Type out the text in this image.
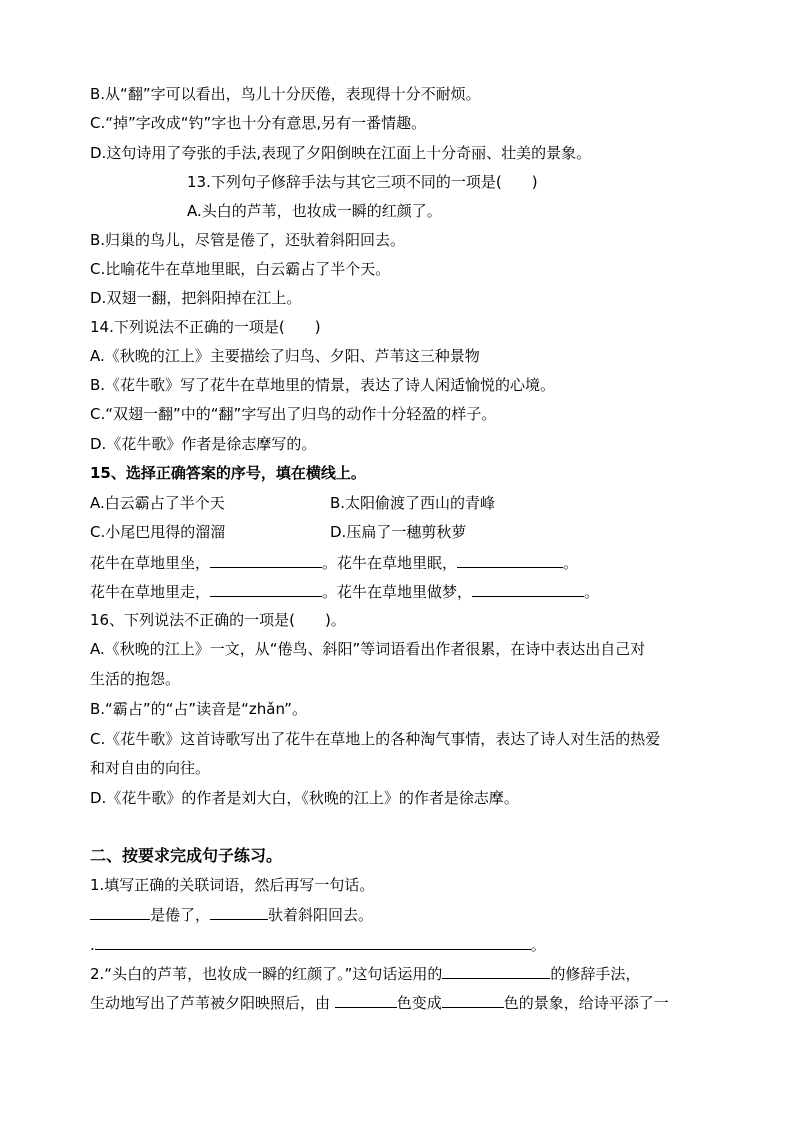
B.从“翻”字可以看出，鸟儿十分厌倦，表现得十分不耐烦。
C.“掉”字改成“钓”字也十分有意思,另有一番情趣。
D.这句诗用了夸张的手法,表现了夕阳倒映在江面上十分奇丽、壮美的景象。
13.下列句子修辞手法与其它三项不同的一项是(　　)
A.头白的芦苇，也妆成一瞬的红颜了。
B.归巢的鸟儿，尽管是倦了，还驮着斜阳回去。
C.比喻花牛在草地里眠，白云霸占了半个天。
D.双翅一翻，把斜阳掉在江上。
14.下列说法不正确的一项是(　　)
A.《秋晚的江上》主要描绘了归鸟、夕阳、芦苇这三种景物
B.《花牛歌》写了花牛在草地里的情景，表达了诗人闲适愉悦的心境。
C.“双翅一翻”中的“翻”字写出了归鸟的动作十分轻盈的样子。
D.《花牛歌》作者是徐志摩写的。
15、选择正确答案的序号，填在横线上。
A.白云霸占了半个天	B.太阳偷渡了西山的青峰
C.小尾巴甩得的溜溜	D.压扁了一穗剪秋萝
花牛在草地里坐，	。花牛在草地里眠，	。
花牛在草地里走，	。花牛在草地里做梦，	。
16、下列说法不正确的一项是(　　)。
A.《秋晚的江上》一文，从“倦鸟、斜阳”等词语看出作者很累，在诗中表达出自己对
生活的抱怨。
B.“霸占”的“占”读音是“zhǎn”。
C.《花牛歌》这首诗歌写出了花牛在草地上的各种淘气事情，表达了诗人对生活的热爱
和对自由的向往。
D.《花牛歌》的作者是刘大白，《秋晚的江上》的作者是徐志摩。
二、按要求完成句子练习。
1.填写正确的关联词语，然后再写一句话。
是倦了，	驮着斜阳回去。
.	。
2.“头白的芦苇，也妆成一瞬的红颜了。”这句话运用的	的修辞手法，
生动地写出了芦苇被夕阳映照后，由	色变成	色的景象，给诗平添了一
